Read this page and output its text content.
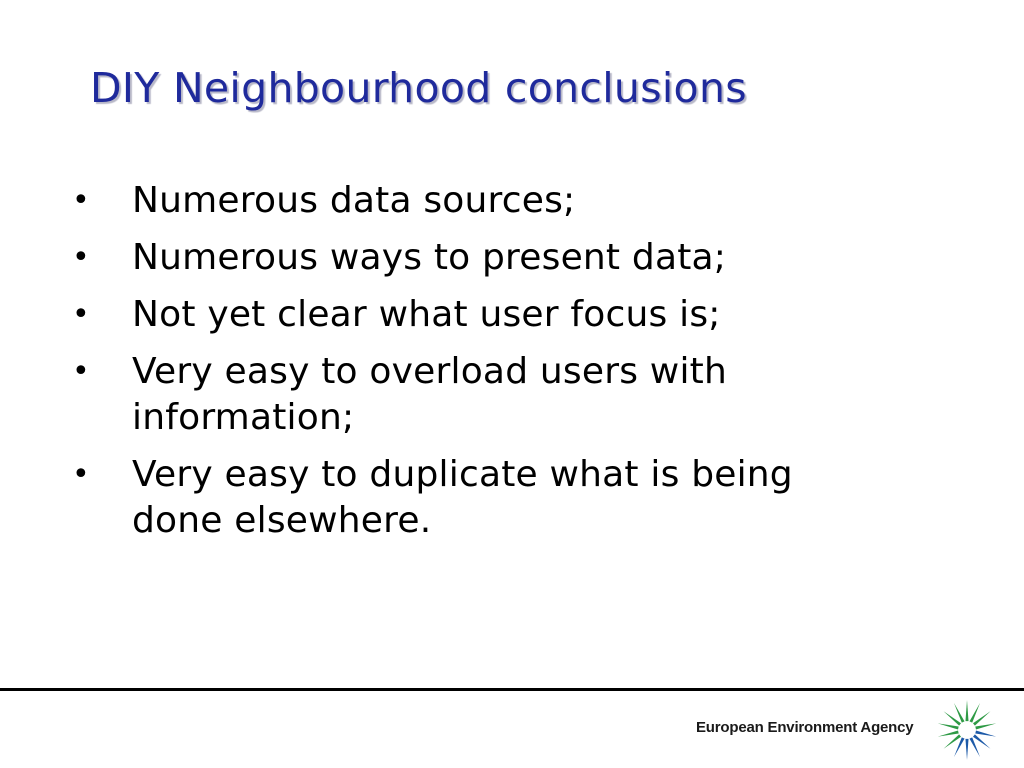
DIY Neighbourhood conclusions
• Numerous data sources;
• Numerous ways to present data;
• Not yet clear what user focus is;
• Very easy to overload users with information;
• Very easy to duplicate what is being done elsewhere.
European Environment Agency
